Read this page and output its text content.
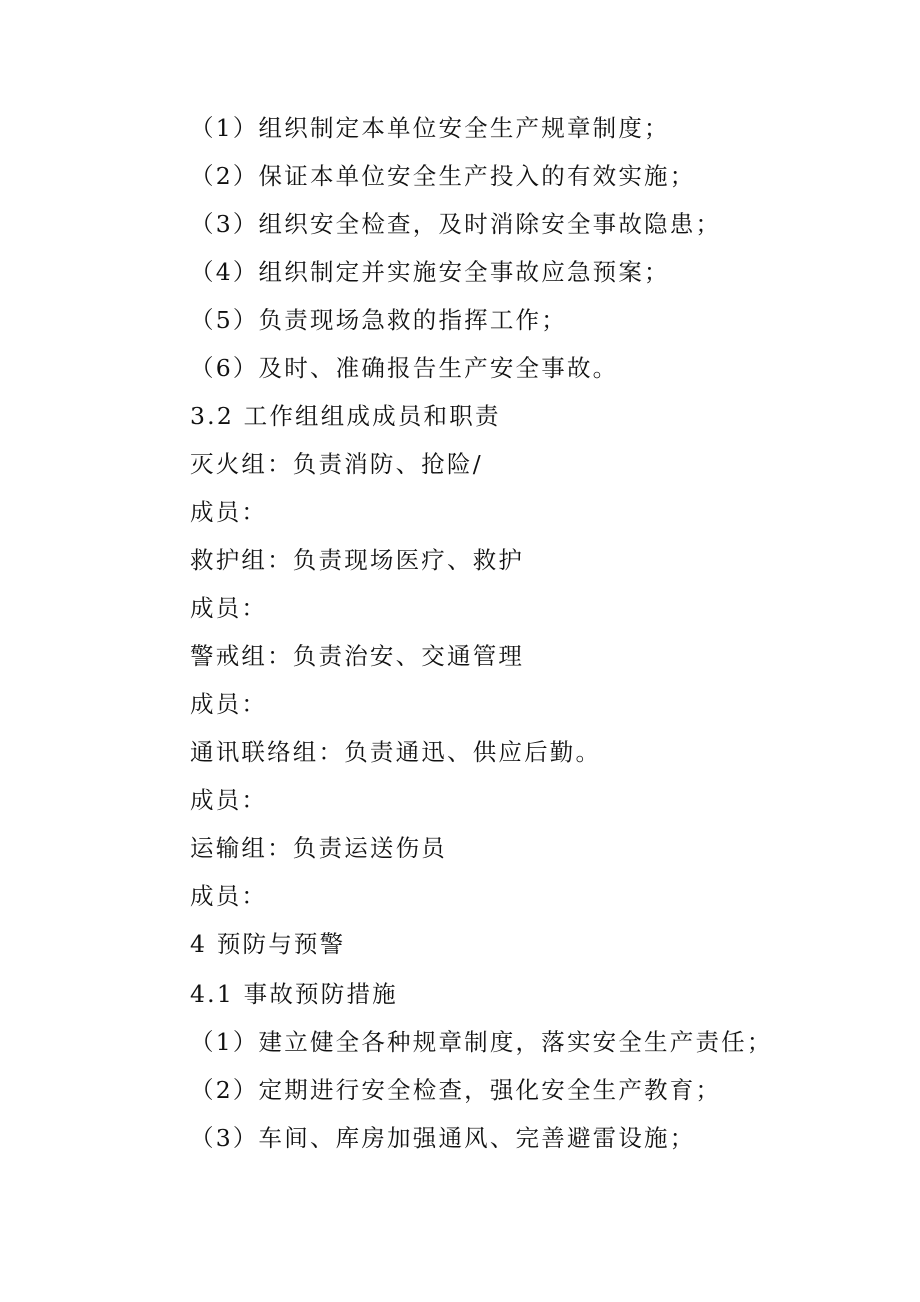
（1）组织制定本单位安全生产规章制度；
（2）保证本单位安全生产投入的有效实施；
（3）组织安全检查，及时消除安全事故隐患；
（4）组织制定并实施安全事故应急预案；
（5）负责现场急救的指挥工作；
（6）及时、准确报告生产安全事故。
3.2 工作组组成成员和职责
灭火组：负责消防、抢险/
成员：
救护组：负责现场医疗、救护
成员：
警戒组：负责治安、交通管理
成员：
通讯联络组：负责通迅、供应后勤。
成员：
运输组：负责运送伤员
成员：
4 预防与预警
4.1 事故预防措施
（1）建立健全各种规章制度，落实安全生产责任；
（2）定期进行安全检查，强化安全生产教育；
（3）车间、库房加强通风、完善避雷设施；
